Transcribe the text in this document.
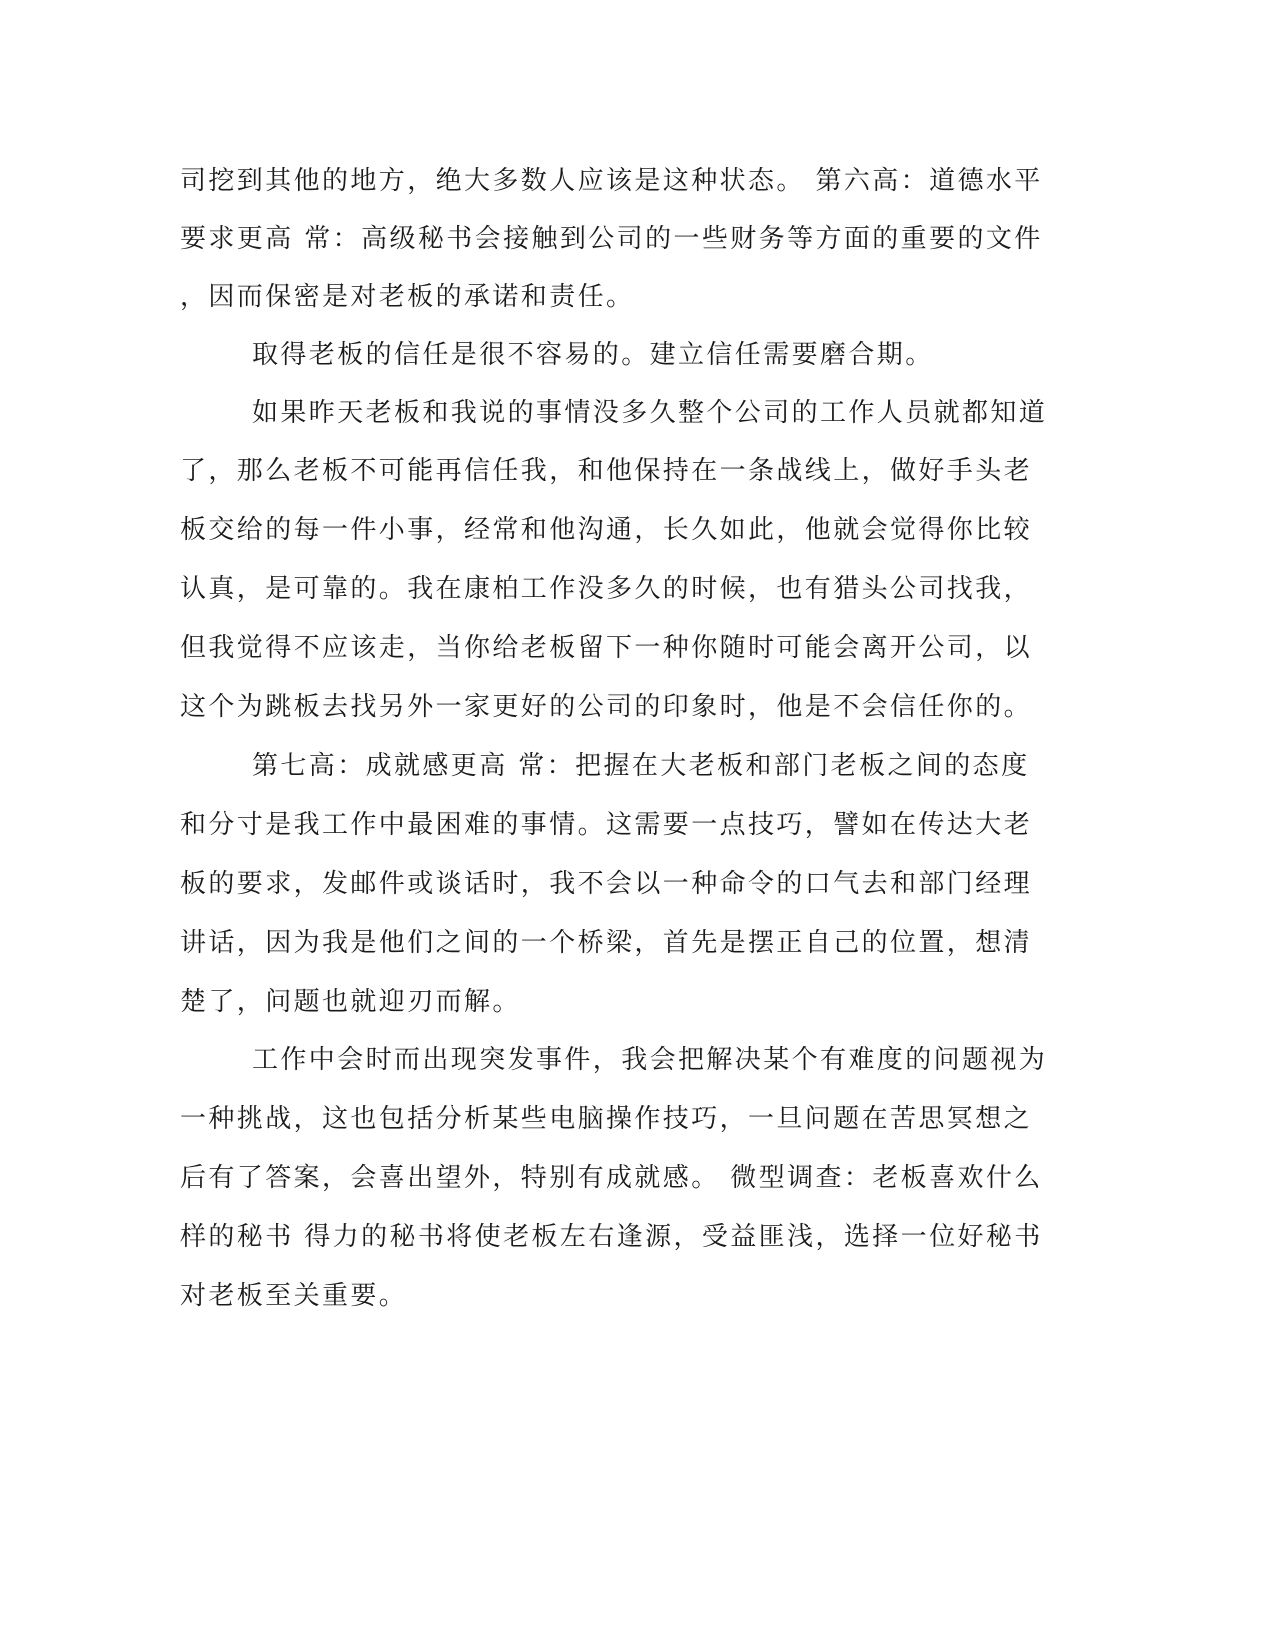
司挖到其他的地方，绝大多数人应该是这种状态。 第六高：道德水平

要求更高 常：高级秘书会接触到公司的一些财务等方面的重要的文件

，因而保密是对老板的承诺和责任。

取得老板的信任是很不容易的。建立信任需要磨合期。

如果昨天老板和我说的事情没多久整个公司的工作人员就都知道

了，那么老板不可能再信任我，和他保持在一条战线上，做好手头老

板交给的每一件小事，经常和他沟通，长久如此，他就会觉得你比较

认真，是可靠的。我在康柏工作没多久的时候，也有猎头公司找我，

但我觉得不应该走，当你给老板留下一种你随时可能会离开公司，以

这个为跳板去找另外一家更好的公司的印象时，他是不会信任你的。

第七高：成就感更高 常：把握在大老板和部门老板之间的态度

和分寸是我工作中最困难的事情。这需要一点技巧，譬如在传达大老

板的要求，发邮件或谈话时，我不会以一种命令的口气去和部门经理

讲话，因为我是他们之间的一个桥梁，首先是摆正自己的位置，想清

楚了，问题也就迎刃而解。

工作中会时而出现突发事件，我会把解决某个有难度的问题视为

一种挑战，这也包括分析某些电脑操作技巧，一旦问题在苦思冥想之

后有了答案，会喜出望外，特别有成就感。 微型调查：老板喜欢什么

样的秘书 得力的秘书将使老板左右逢源，受益匪浅，选择一位好秘书

对老板至关重要。
